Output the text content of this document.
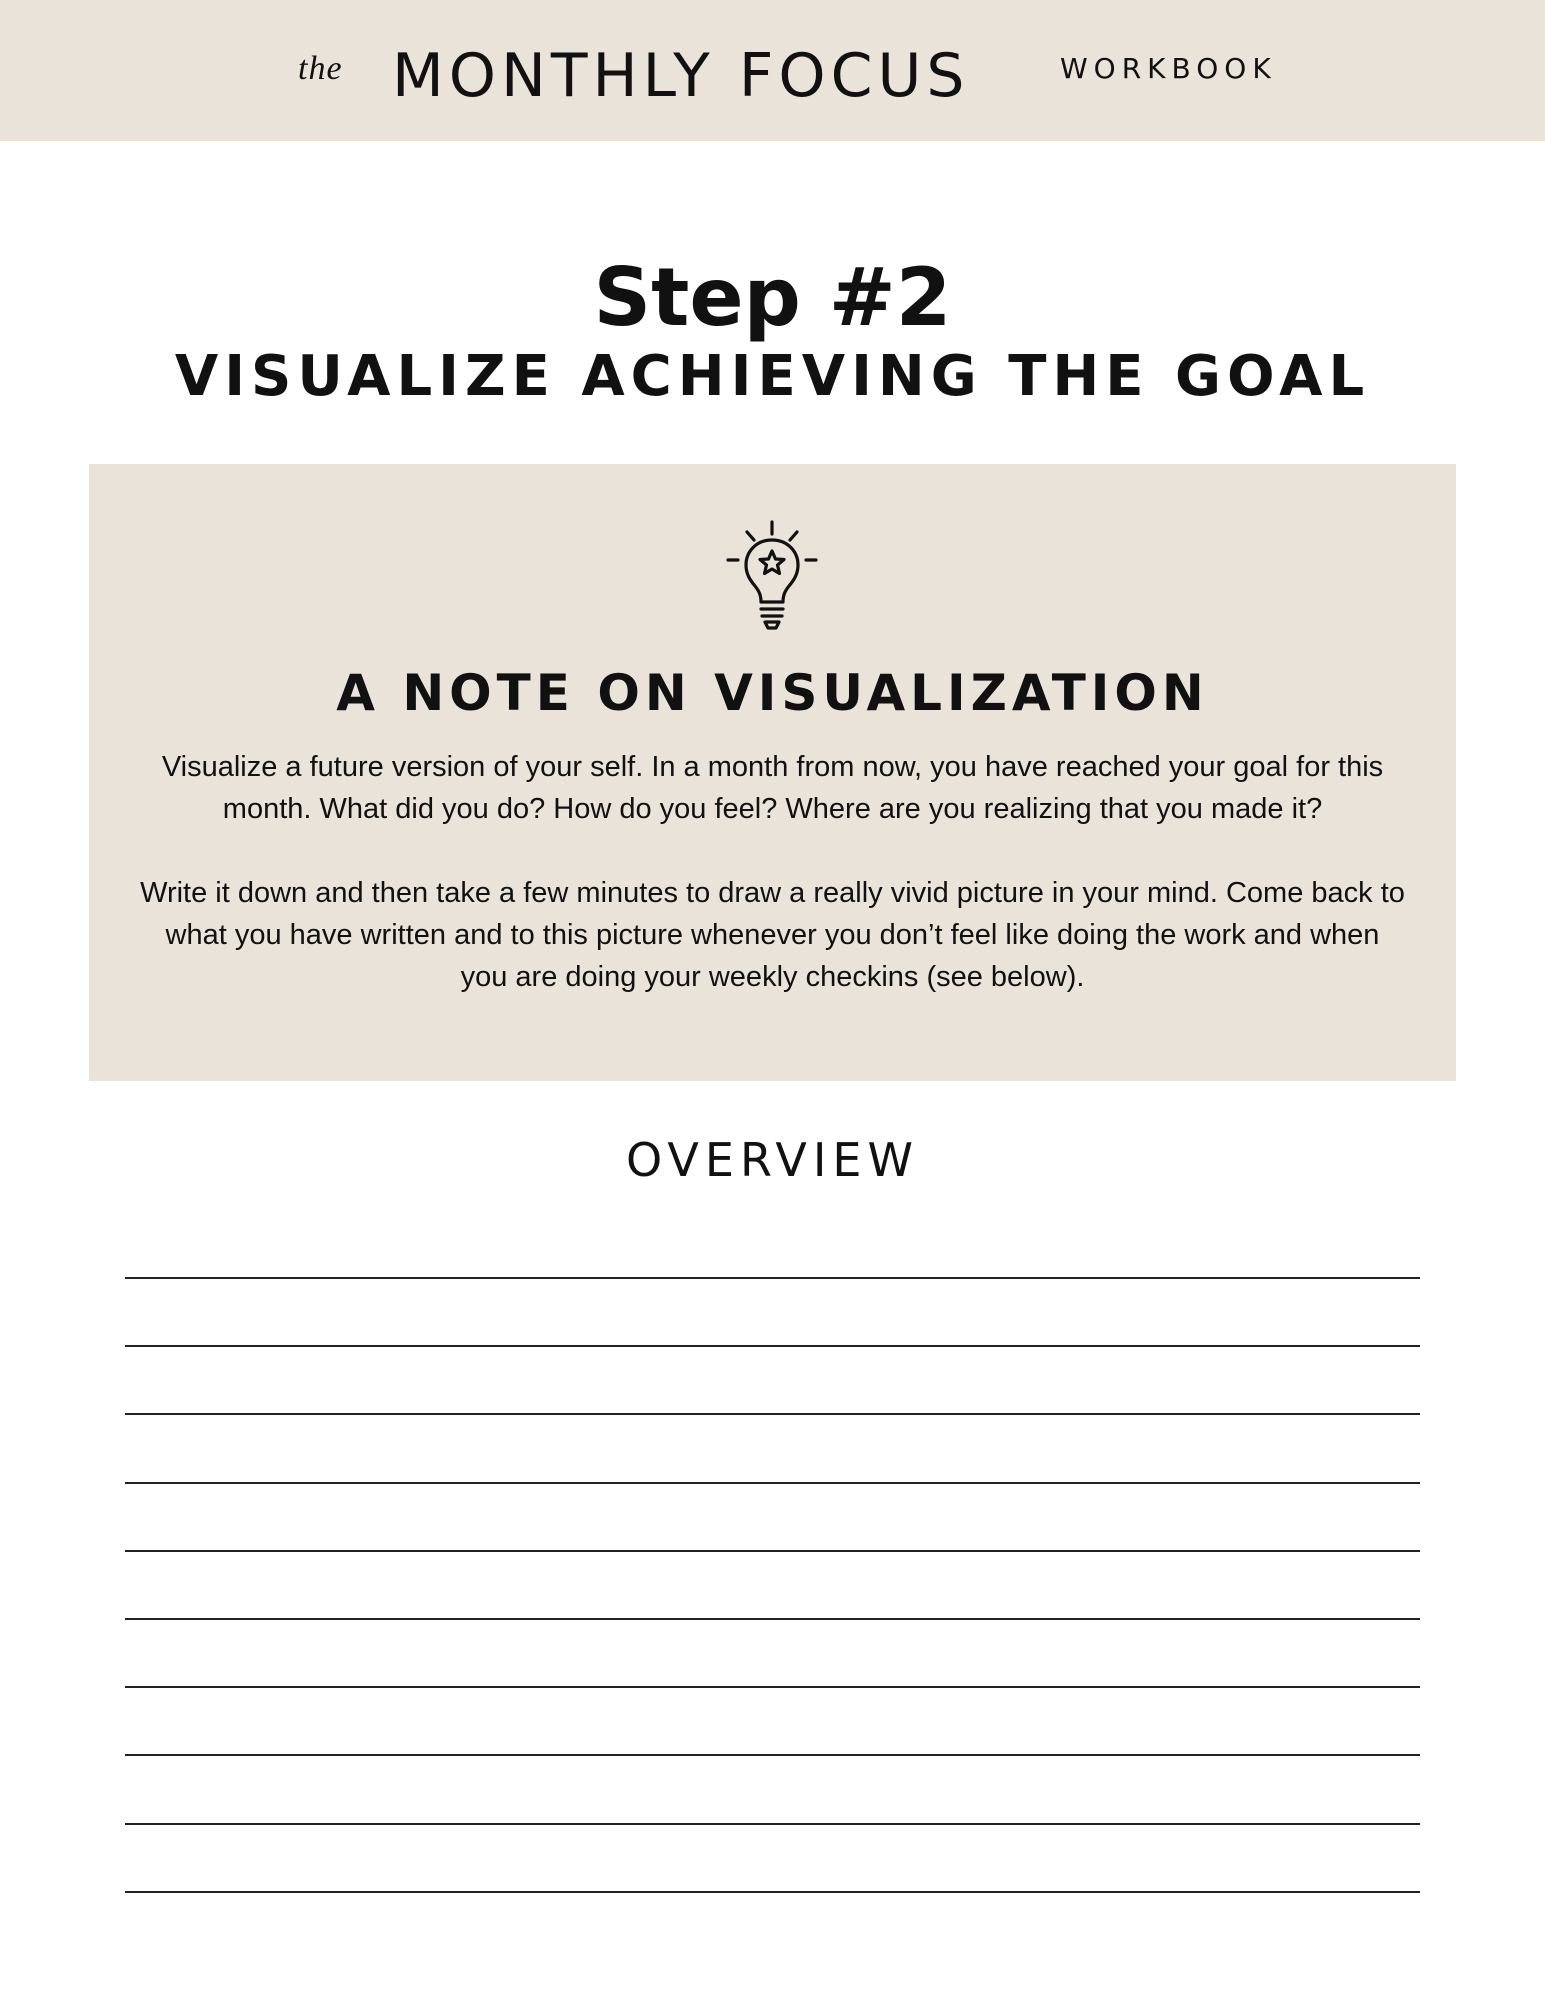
the MONTHLY FOCUS	WORKBOOK
Step #2
VISUALIZE ACHIEVING THE GOAL
A NOTE ON VISUALIZATION

Visualize a future version of your self. In a month from now, you have reached your goal for this month. What did you do? How do you feel? Where are you realizing that you made it?

Write it down and then take a few minutes to draw a really vivid picture in your mind. Come back to what you have written and to this picture whenever you don’t feel like doing the work and when you are doing your weekly checkins (see below).

OVERVIEW
